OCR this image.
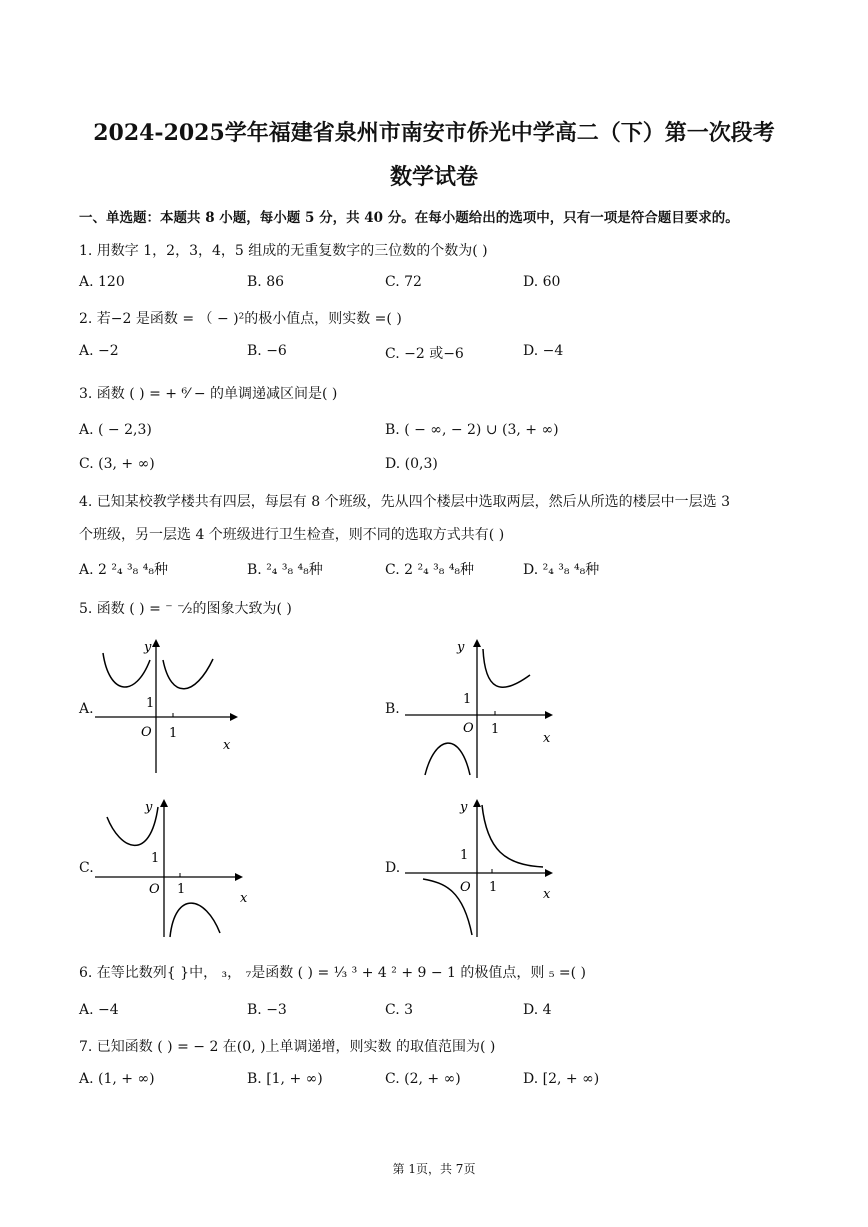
2024-2025学年福建省泉州市南安市侨光中学高二（下）第一次段考
数学试卷
一、单选题：本题共 8 小题，每小题 5 分，共 40 分。在每小题给出的选项中，只有一项是符合题目要求的。
1. 用数字 1，2，3，4，5 组成的无重复数字的三位数的个数为( )
A. 120	B. 86	C. 72	D. 60
2. 若−2 是函数 = （ − )²的极小值点，则实数 =( )
A. −2	B. −6	C. −2 或−6	D. −4
3. 函数 ( ) = + ⁶⁄ − 的单调递减区间是( )
A. ( − 2,3)	B. ( − ∞, − 2) ∪ (3, + ∞)
C. (3, + ∞)	D. (0,3)
4. 已知某校教学楼共有四层，每层有 8 个班级，先从四个楼层中选取两层，然后从所选的楼层中一层选 3
个班级，另一层选 4 个班级进行卫生检查，则不同的选取方式共有( )
A. 2 ²₄ ³₈ ⁴₈种	B. ²₄ ³₈ ⁴₈种	C. 2 ²₄ ³₈ ⁴₈种	D. ²₄ ³₈ ⁴₈种
5. 函数 ( ) = ⁻ ⁻⁄₂的图象大致为( )
A.
y
x
O 1
1	B.
y
x
O 1
1
C.
y
x
O 1
1
D.
y
x
O 1
1
6. 在等比数列{ }中， ₃， ₇是函数 ( ) = ¹⁄₃ ³ + 4 ² + 9 − 1 的极值点，则 ₅ =( )
A. −4	B. −3	C. 3	D. 4
7. 已知函数 ( ) = − 2 在(0, )上单调递增，则实数 的取值范围为( )
A. (1, + ∞)	B. [1, + ∞)	C. (2, + ∞)	D. [2, + ∞)
第 1页，共 7页
